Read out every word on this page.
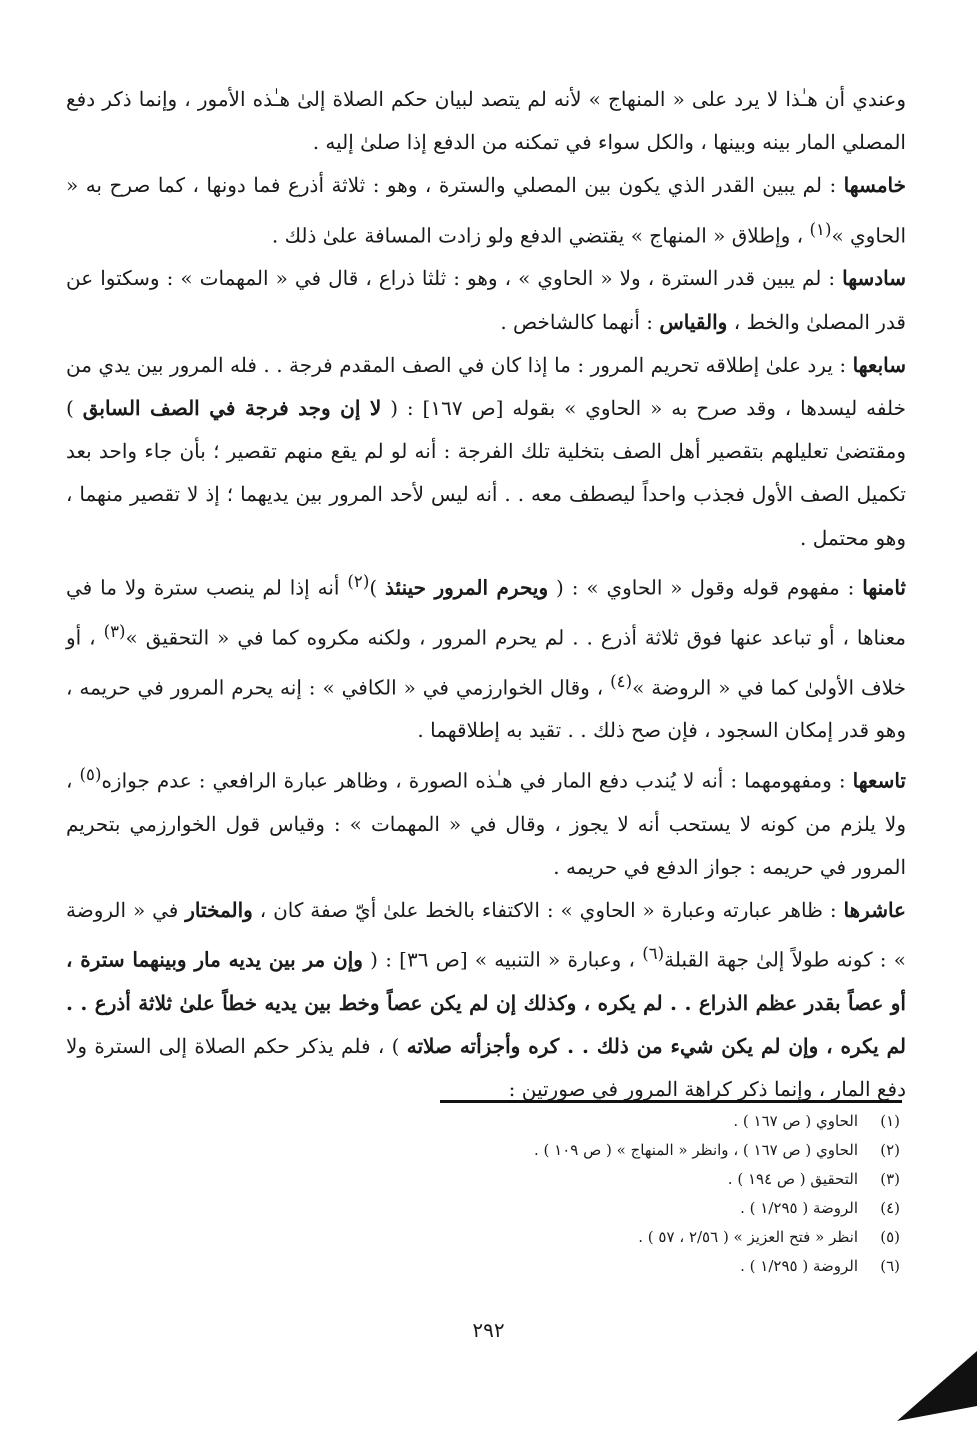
وعندي أن هـٰذا لا يرد على « المنهاج » لأنه لم يتصد لبيان حكم الصلاة إلىٰ هـٰذه الأمور ، وإنما ذكر دفع المصلي المار بينه وبينها ، والكل سواء في تمكنه من الدفع إذا صلىٰ إليه .

خامسها : لم يبين القدر الذي يكون بين المصلي والسترة ، وهو : ثلاثة أذرع فما دونها ، كما صرح به « الحاوي »$^{(١)}$ ، وإطلاق « المنهاج » يقتضي الدفع ولو زادت المسافة علىٰ ذلك .

سادسها : لم يبين قدر السترة ، ولا « الحاوي » ، وهو : ثلثا ذراع ، قال في « المهمات » : وسكتوا عن قدر المصلىٰ والخط ، والقياس : أنهما كالشاخص .

سابعها : يرد علىٰ إطلاقه تحريم المرور : ما إذا كان في الصف المقدم فرجة . . فله المرور بين يدي من خلفه ليسدها ، وقد صرح به « الحاوي » بقوله [ص ١٦٧] : ( لا إن وجد فرجة في الصف السابق ) ومقتضىٰ تعليلهم بتقصير أهل الصف بتخلية تلك الفرجة : أنه لو لم يقع منهم تقصير ؛ بأن جاء واحد بعد تكميل الصف الأول فجذب واحداً ليصطف معه . . أنه ليس لأحد المرور بين يديهما ؛ إذ لا تقصير منهما ، وهو محتمل .

ثامنها : مفهوم قوله وقول « الحاوي » : ( ويحرم المرور حينئذ )$^{(٢)}$ أنه إذا لم ينصب سترة ولا ما في معناها ، أو تباعد عنها فوق ثلاثة أذرع . . لم يحرم المرور ، ولكنه مكروه كما في « التحقيق »$^{(٣)}$ ، أو خلاف الأولىٰ كما في « الروضة »$^{(٤)}$ ، وقال الخوارزمي في « الكافي » : إنه يحرم المرور في حريمه ، وهو قدر إمكان السجود ، فإن صح ذلك . . تقيد به إطلاقهما .

تاسعها : ومفهومهما : أنه لا يُندب دفع المار في هـٰذه الصورة ، وظاهر عبارة الرافعي : عدم جوازه$^{(٥)}$ ، ولا يلزم من كونه لا يستحب أنه لا يجوز ، وقال في « المهمات » : وقياس قول الخوارزمي بتحريم المرور في حريمه : جواز الدفع في حريمه .

عاشرها : ظاهر عبارته وعبارة « الحاوي » : الاكتفاء بالخط علىٰ أيّ صفة كان ، والمختار في « الروضة » : كونه طولاً إلىٰ جهة القبلة$^{(٦)}$ ، وعبارة « التنبيه » [ص ٣٦] : ( وإن مر بين يديه مار وبينهما سترة ، أو عصاً بقدر عظم الذراع . . لم يكره ، وكذلك إن لم يكن عصاً وخط بين يديه خطاً علىٰ ثلاثة أذرع . . لم يكره ، وإن لم يكن شيء من ذلك . . كره وأجزأته صلاته ) ، فلم يذكر حكم الصلاة إلى السترة ولا دفع المار ، وإنما ذكر كراهة المرور في صورتين :

(١)
الحاوي ( ص ١٦٧ ) .
(٢)
الحاوي ( ص ١٦٧ ) ، وانظر « المنهاج » ( ص ١٠٩ ) .
(٣)
التحقيق ( ص ١٩٤ ) .
(٤)
الروضة ( ١/٢٩٥ ) .
(٥)
انظر « فتح العزيز » ( ٢/٥٦ ، ٥٧ ) .
(٦)
الروضة ( ١/٢٩٥ ) .
٢٩٢
